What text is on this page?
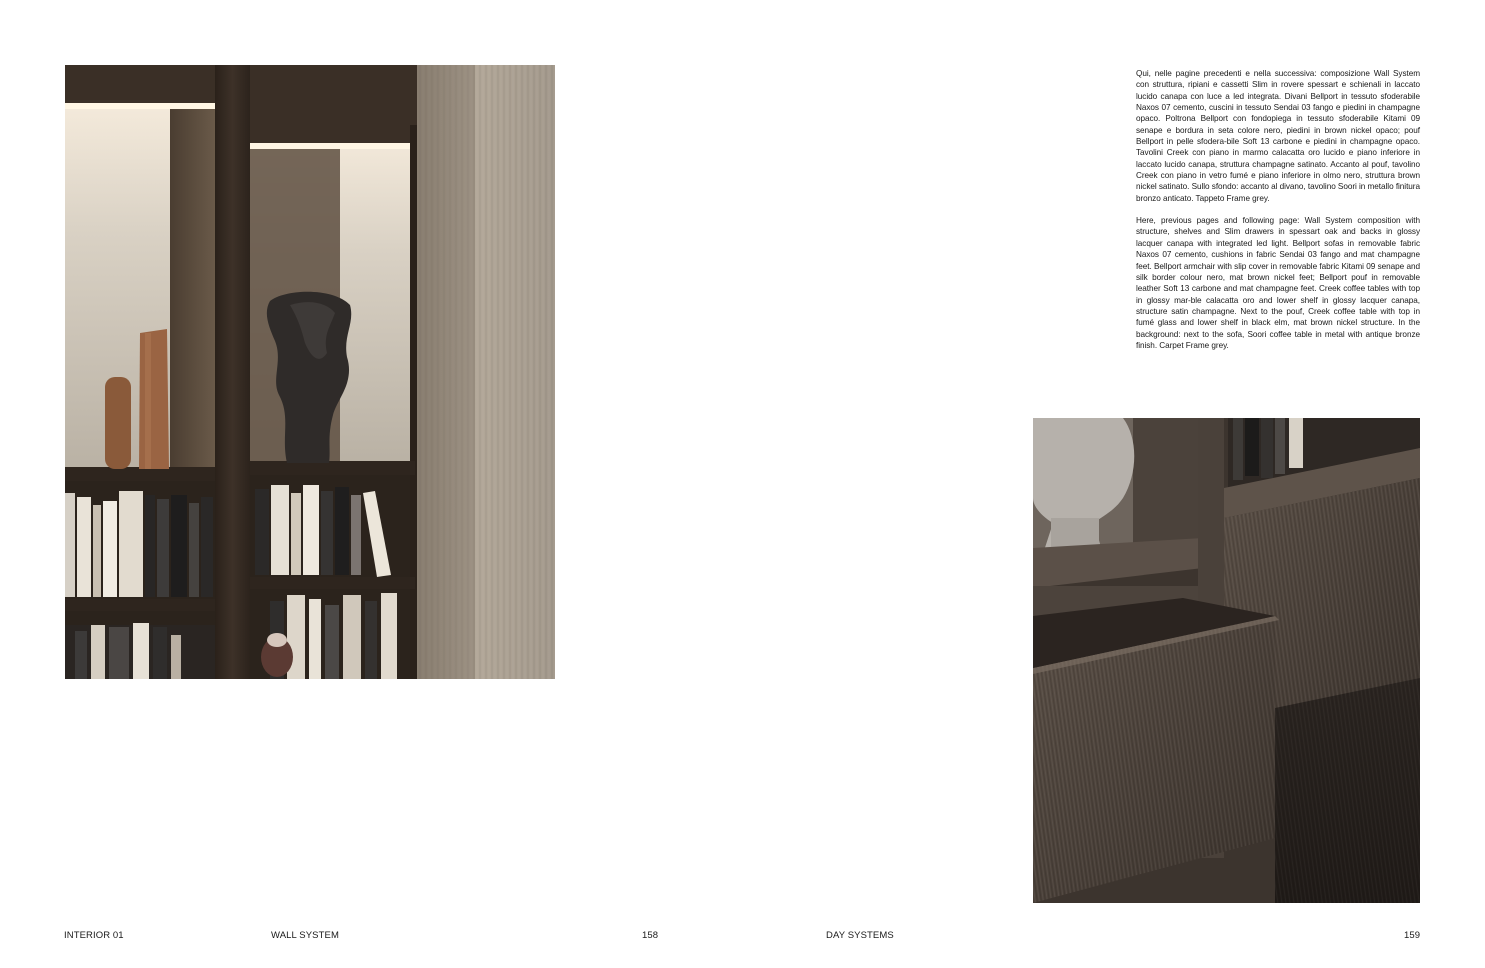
Qui, nelle pagine precedenti e nella successiva: composizione Wall System con struttura, ripiani e cassetti Slim in rovere spessart e schienali in laccato lucido canapa con luce a led integrata. Divani Bellport in tessuto sfoderabile Naxos 07 cemento, cuscini in tessuto Sendai 03 fango e piedini in champagne opaco. Poltrona Bellport con fondopiega in tessuto sfoderabile Kitami 09 senape e bordura in seta colore nero, piedini in brown nickel opaco; pouf Bellport in pelle sfodera-bile Soft 13 carbone e piedini in champagne opaco. Tavolini Creek con piano in marmo calacatta oro lucido e piano inferiore in laccato lucido canapa, struttura champagne satinato. Accanto al pouf, tavolino Creek con piano in vetro fumé e piano inferiore in olmo nero, struttura brown nickel satinato. Sullo sfondo: accanto al divano, tavolino Soori in metallo finitura bronzo anticato. Tappeto Frame grey.

Here, previous pages and following page: Wall System composition with structure, shelves and Slim drawers in spessart oak and backs in glossy lacquer canapa with integrated led light. Bellport sofas in removable fabric Naxos 07 cemento, cushions in fabric Sendai 03 fango and mat champagne feet. Bellport armchair with slip cover in removable fabric Kitami 09 senape and silk border colour nero, mat brown nickel feet; Bellport pouf in removable leather Soft 13 carbone and mat champagne feet. Creek coffee tables with top in glossy mar-ble calacatta oro and lower shelf in glossy lacquer canapa, structure satin champagne. Next to the pouf, Creek coffee table with top in fumé glass and lower shelf in black elm, mat brown nickel structure. In the background: next to the sofa, Soori coffee table in metal with antique bronze finish. Carpet Frame grey.

INTERIOR 01	WALL SYSTEM	158	DAY SYSTEMS	159
